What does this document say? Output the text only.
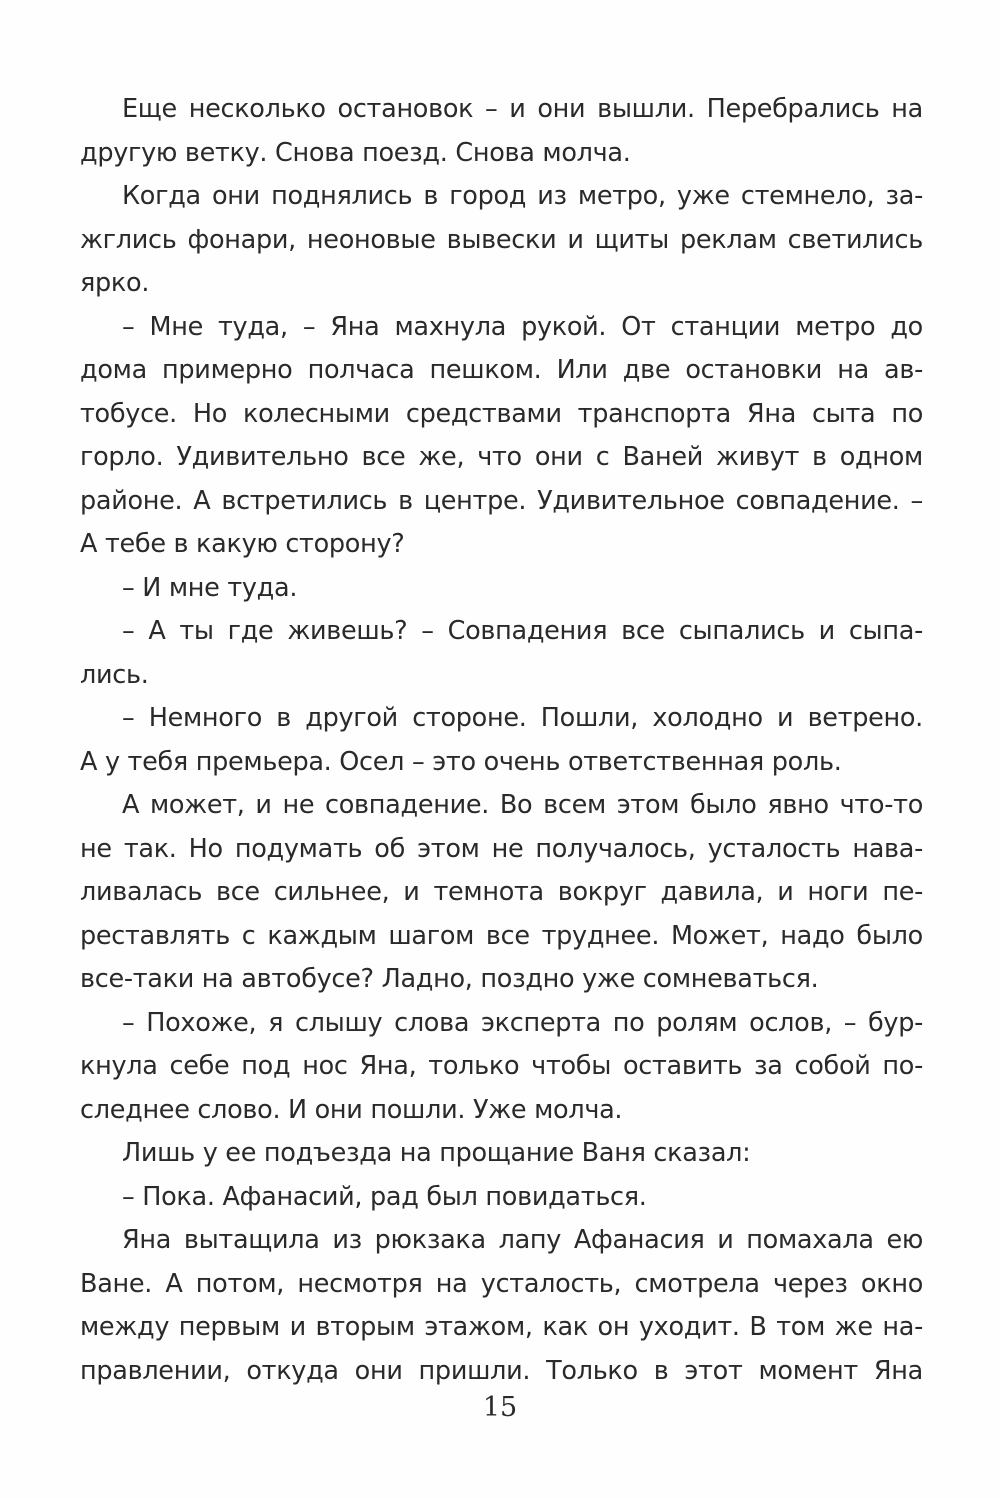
Еще несколько остановок – и они вышли. Перебрались на
другую ветку. Снова поезд. Снова молча.
Когда они поднялись в город из метро, уже стемнело, за-
жглись фонари, неоновые вывески и щиты реклам светились
ярко.
– Мне туда, – Яна махнула рукой. От станции метро до
дома примерно полчаса пешком. Или две остановки на ав-
тобусе. Но колесными средствами транспорта Яна сыта по
горло. Удивительно все же, что они с Ваней живут в одном
районе. А встретились в центре. Удивительное совпадение. –
А тебе в какую сторону?
– И мне туда.
– А ты где живешь? – Совпадения все сыпались и сыпа-
лись.
– Немного в другой стороне. Пошли, холодно и ветрено.
А у тебя премьера. Осел – это очень ответственная роль.
А может, и не совпадение. Во всем этом было явно что-то
не так. Но подумать об этом не получалось, усталость нава-
ливалась все сильнее, и темнота вокруг давила, и ноги пе-
реставлять с каждым шагом все труднее. Может, надо было
все-таки на автобусе? Ладно, поздно уже сомневаться.
– Похоже, я слышу слова эксперта по ролям ослов, – бур-
кнула себе под нос Яна, только чтобы оставить за собой по-
следнее слово. И они пошли. Уже молча.
Лишь у ее подъезда на прощание Ваня сказал:
– Пока. Афанасий, рад был повидаться.
Яна вытащила из рюкзака лапу Афанасия и помахала ею
Ване. А потом, несмотря на усталость, смотрела через окно
между первым и вторым этажом, как он уходит. В том же на-
правлении, откуда они пришли. Только в этот момент Яна
15
